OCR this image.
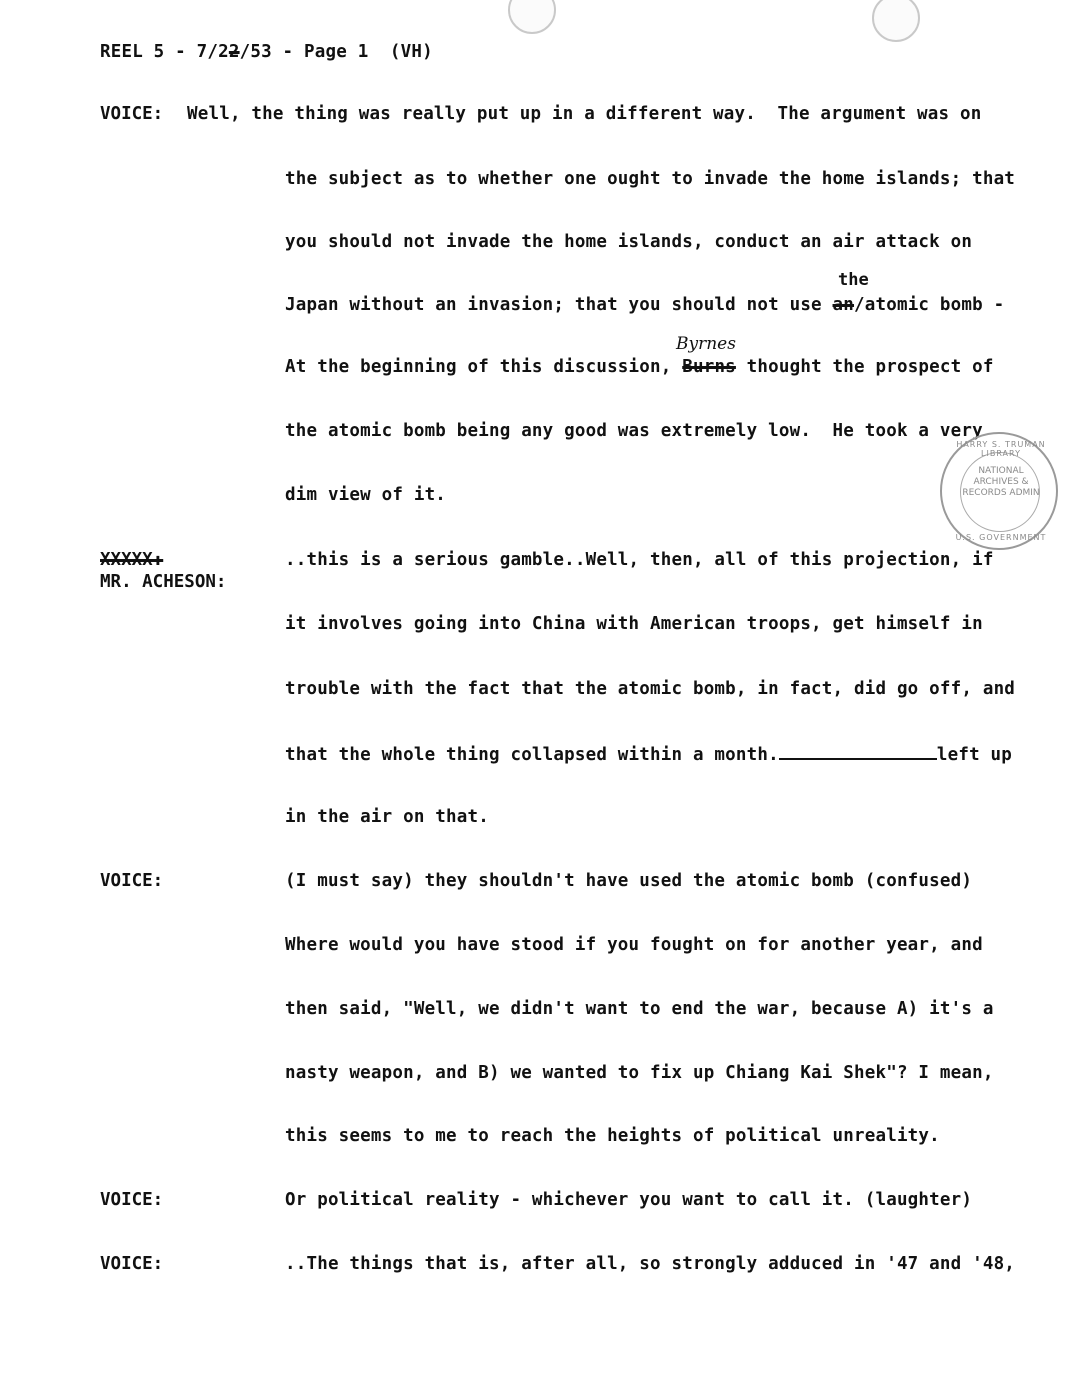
REEL 5 - 7/22/53 - Page 1  (VH)
VOICE: Well, the thing was really put up in a different way.  The argument was on
the subject as to whether one ought to invade the home islands; that
you should not invade the home islands, conduct an air attack on
the
Japan without an invasion; that you should not use an/atomic bomb -
Byrnes
At the beginning of this discussion, Burns thought the prospect of
the atomic bomb being any good was extremely low.  He took a very
dim view of it.
XXXXX:
MR. ACHESON:
..this is a serious gamble..Well, then, all of this projection, if
it involves going into China with American troops, get himself in
trouble with the fact that the atomic bomb, in fact, did go off, and
that the whole thing collapsed within a month.	left up
in the air on that.
VOICE:	(I must say) they shouldn't have used the atomic bomb (confused)
Where would you have stood if you fought on for another year, and
then said, "Well, we didn't want to end the war, because A) it's a
nasty weapon, and B) we wanted to fix up Chiang Kai Shek"? I mean,
this seems to me to reach the heights of political unreality.
VOICE:	Or political reality - whichever you want to call it. (laughter)
VOICE:	..The things that is, after all, so strongly adduced in '47 and '48,
HARRY S. TRUMAN LIBRARY
NATIONAL ARCHIVES & RECORDS ADMIN
U.S. GOVERNMENT
